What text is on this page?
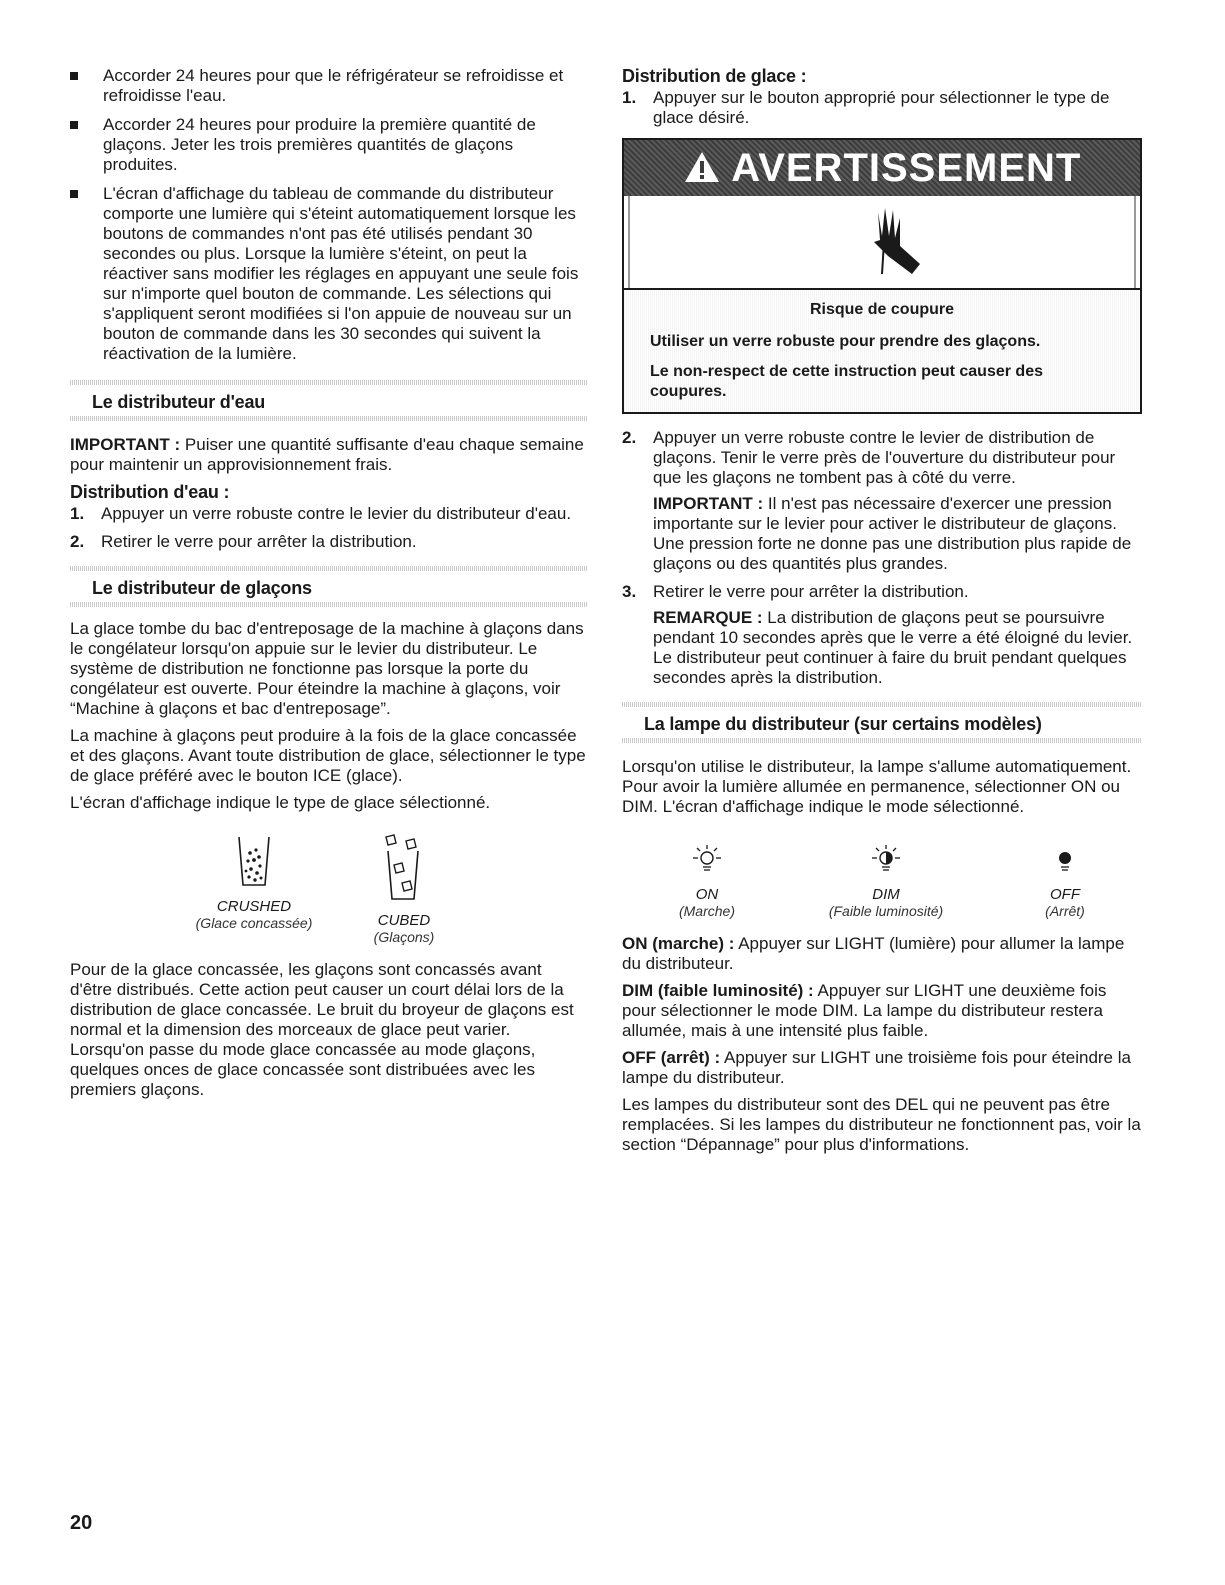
Accorder 24 heures pour que le réfrigérateur se refroidisse et refroidisse l'eau.
Accorder 24 heures pour produire la première quantité de glaçons. Jeter les trois premières quantités de glaçons produites.
L'écran d'affichage du tableau de commande du distributeur comporte une lumière qui s'éteint automatiquement lorsque les boutons de commandes n'ont pas été utilisés pendant 30 secondes ou plus. Lorsque la lumière s'éteint, on peut la réactiver sans modifier les réglages en appuyant une seule fois sur n'importe quel bouton de commande. Les sélections qui s'appliquent seront modifiées si l'on appuie de nouveau sur un bouton de commande dans les 30 secondes qui suivent la réactivation de la lumière.
Le distributeur d'eau

IMPORTANT : Puiser une quantité suffisante d'eau chaque semaine pour maintenir un approvisionnement frais.

Distribution d'eau :
1. Appuyer un verre robuste contre le levier du distributeur d'eau.
2. Retirer le verre pour arrêter la distribution.
Le distributeur de glaçons

La glace tombe du bac d'entreposage de la machine à glaçons dans le congélateur lorsqu'on appuie sur le levier du distributeur. Le système de distribution ne fonctionne pas lorsque la porte du congélateur est ouverte. Pour éteindre la machine à glaçons, voir “Machine à glaçons et bac d'entreposage”.

La machine à glaçons peut produire à la fois de la glace concassée et des glaçons. Avant toute distribution de glace, sélectionner le type de glace préféré avec le bouton ICE (glace).

L'écran d'affichage indique le type de glace sélectionné.

CRUSHED
(Glace concassée)	CUBED
(Glaçons)

Pour de la glace concassée, les glaçons sont concassés avant d'être distribués. Cette action peut causer un court délai lors de la distribution de glace concassée. Le bruit du broyeur de glaçons est normal et la dimension des morceaux de glace peut varier. Lorsqu'on passe du mode glace concassée au mode glaçons, quelques onces de glace concassée sont distribuées avec les premiers glaçons.

Distribution de glace :
1. Appuyer sur le bouton approprié pour sélectionner le type de glace désiré.
AVERTISSEMENT
Risque de coupure
Utiliser un verre robuste pour prendre des glaçons.
Le non-respect de cette instruction peut causer des coupures.
2. Appuyer un verre robuste contre le levier de distribution de glaçons. Tenir le verre près de l'ouverture du distributeur pour que les glaçons ne tombent pas à côté du verre.

IMPORTANT : Il n'est pas nécessaire d'exercer une pression importante sur le levier pour activer le distributeur de glaçons. Une pression forte ne donne pas une distribution plus rapide de glaçons ou des quantités plus grandes.

3. Retirer le verre pour arrêter la distribution.

REMARQUE : La distribution de glaçons peut se poursuivre pendant 10 secondes après que le verre a été éloigné du levier. Le distributeur peut continuer à faire du bruit pendant quelques secondes après la distribution.

La lampe du distributeur (sur certains modèles)

Lorsqu'on utilise le distributeur, la lampe s'allume automatiquement. Pour avoir la lumière allumée en permanence, sélectionner ON ou DIM. L'écran d'affichage indique le mode sélectionné.

ON
(Marche)
DIM
(Faible luminosité)
OFF
(Arrêt)

ON (marche) : Appuyer sur LIGHT (lumière) pour allumer la lampe du distributeur.

DIM (faible luminosité) : Appuyer sur LIGHT une deuxième fois pour sélectionner le mode DIM. La lampe du distributeur restera allumée, mais à une intensité plus faible.

OFF (arrêt) : Appuyer sur LIGHT une troisième fois pour éteindre la lampe du distributeur.

Les lampes du distributeur sont des DEL qui ne peuvent pas être remplacées. Si les lampes du distributeur ne fonctionnent pas, voir la section “Dépannage” pour plus d'informations.

20
